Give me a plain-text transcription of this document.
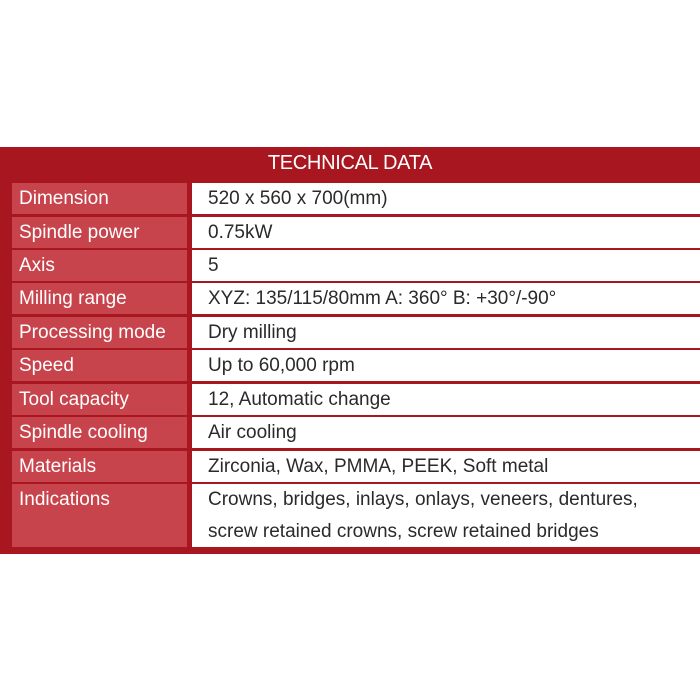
TECHNICAL DATA
Dimension	520 x 560 x 700(mm)
Spindle power	0.75kW
Axis	5
Milling range	XYZ: 135/115/80mm A: 360° B: +30°/-90°
Processing mode	Dry milling
Speed	Up to 60,000 rpm
Tool capacity	12, Automatic change
Spindle cooling	Air cooling
Materials	Zirconia, Wax, PMMA, PEEK, Soft metal
Indications	Crowns, bridges, inlays, onlays, veneers, dentures,
screw retained crowns, screw retained bridges
